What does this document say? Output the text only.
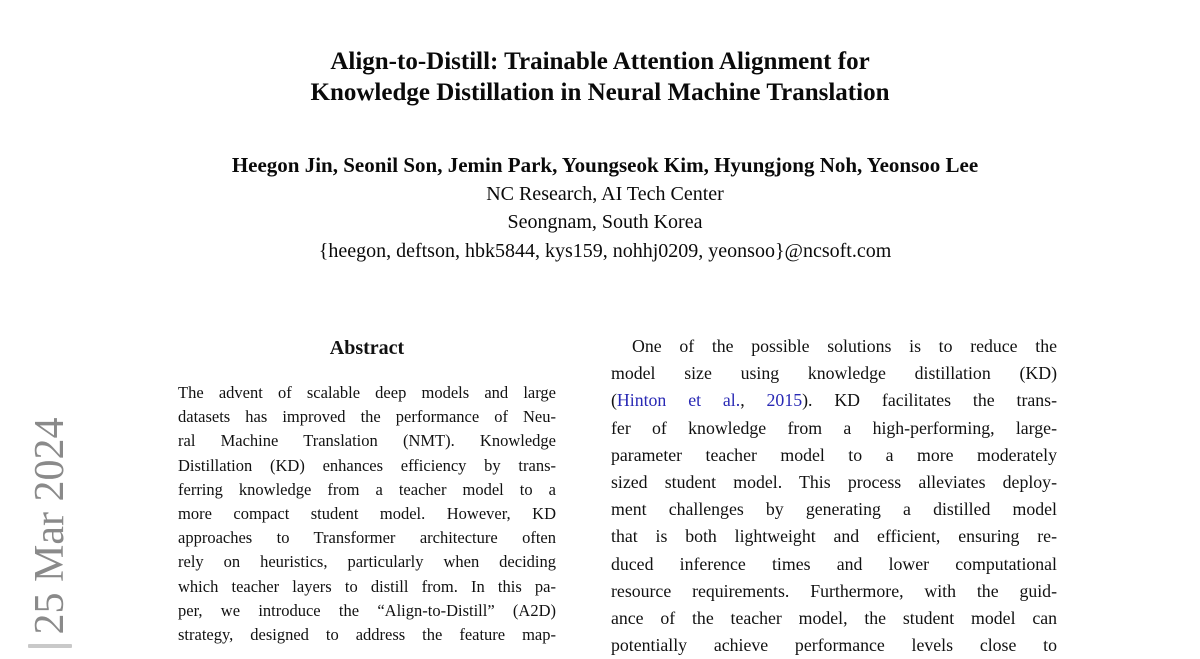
25 Mar 2024
Align-to-Distill: Trainable Attention Alignment for
Knowledge Distillation in Neural Machine Translation
Heegon Jin, Seonil Son, Jemin Park, Youngseok Kim, Hyungjong Noh, Yeonsoo Lee
NC Research, AI Tech Center
Seongnam, South Korea
{heegon, deftson, hbk5844, kys159, nohhj0209, yeonsoo}@ncsoft.com
Abstract
The advent of scalable deep models and large
datasets has improved the performance of Neu-
ral Machine Translation (NMT). Knowledge
Distillation (KD) enhances efficiency by trans-
ferring knowledge from a teacher model to a
more compact student model. However, KD
approaches to Transformer architecture often
rely on heuristics, particularly when deciding
which teacher layers to distill from. In this pa-
per, we introduce the “Align-to-Distill” (A2D)
strategy, designed to address the feature map-
One of the possible solutions is to reduce the
model size using knowledge distillation (KD)
(Hinton et al., 2015). KD facilitates the trans-
fer of knowledge from a high-performing, large-
parameter teacher model to a more moderately
sized student model. This process alleviates deploy-
ment challenges by generating a distilled model
that is both lightweight and efficient, ensuring re-
duced inference times and lower computational
resource requirements. Furthermore, with the guid-
ance of the teacher model, the student model can
potentially achieve performance levels close to
